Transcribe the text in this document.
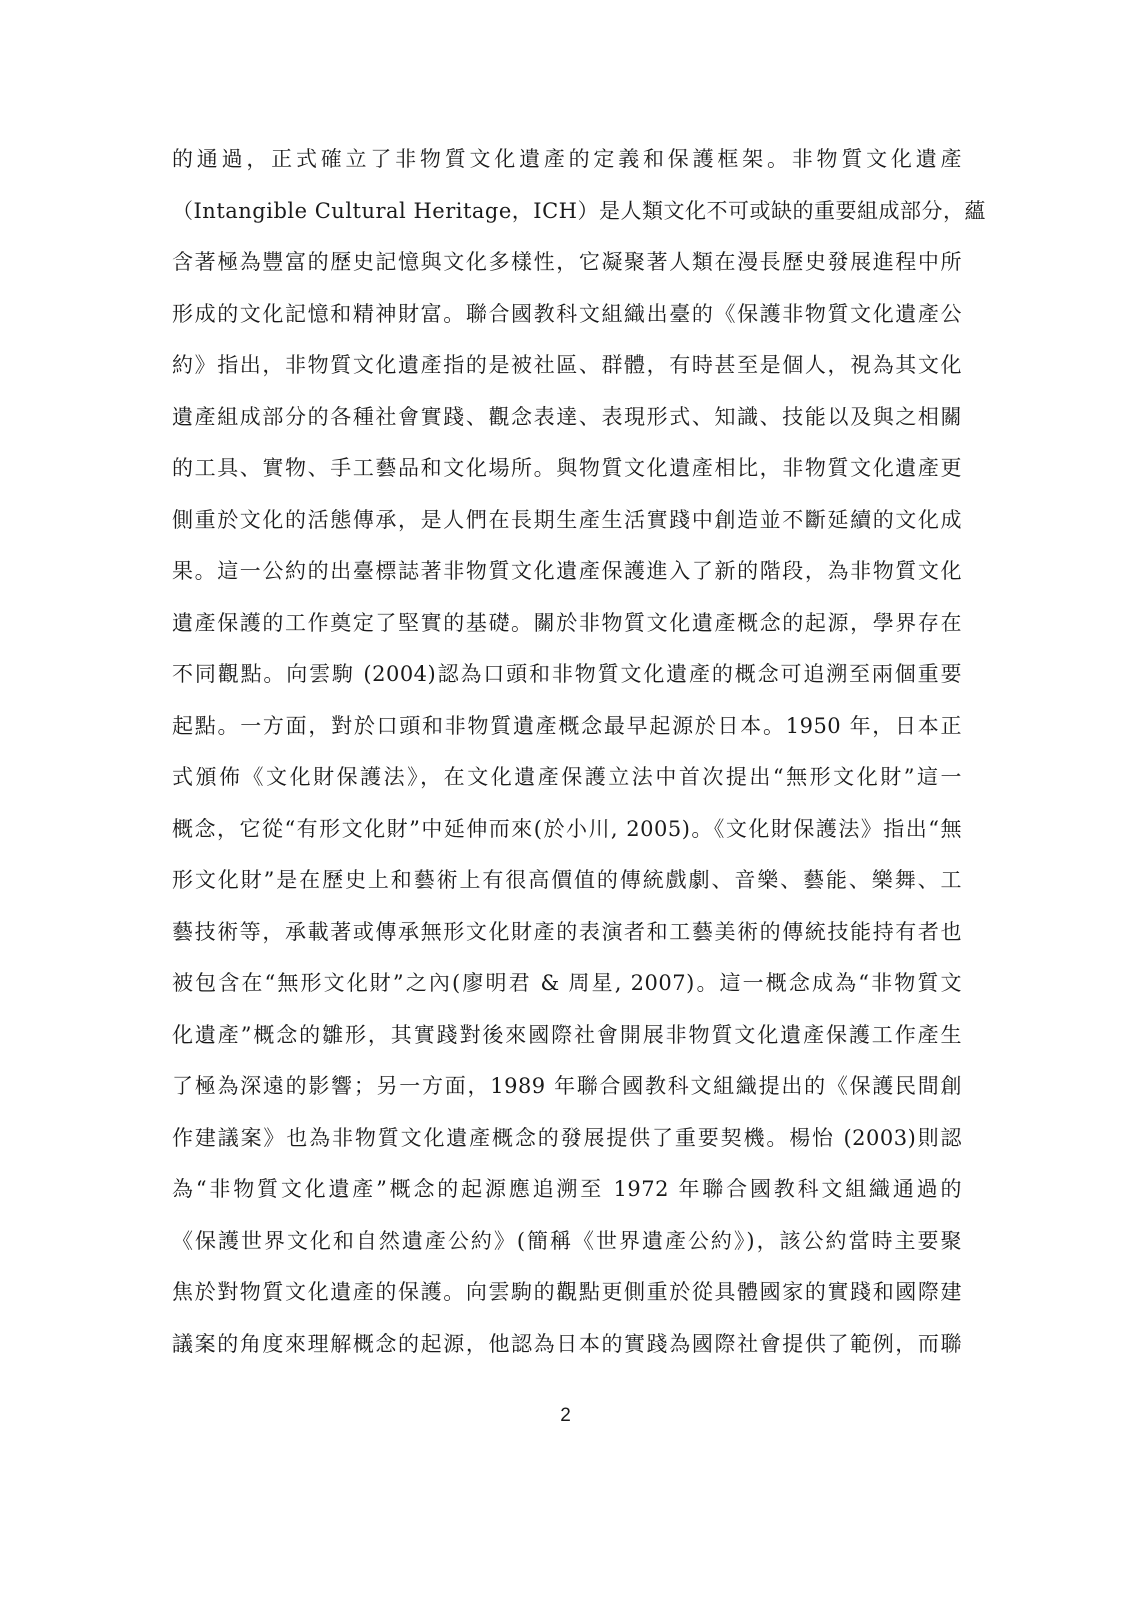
的通過，正式確立了非物質文化遺產的定義和保護框架。非物質文化遺產
（Intangible Cultural Heritage，ICH）是人類文化不可或缺的重要組成部分，蘊
含著極為豐富的歷史記憶與文化多樣性，它凝聚著人類在漫長歷史發展進程中所
形成的文化記憶和精神財富。聯合國教科文組織出臺的《保護非物質文化遺產公
約》指出，非物質文化遺產指的是被社區、群體，有時甚至是個人，視為其文化
遺產組成部分的各種社會實踐、觀念表達、表現形式、知識、技能以及與之相關
的工具、實物、手工藝品和文化場所。與物質文化遺產相比，非物質文化遺產更
側重於文化的活態傳承，是人們在長期生產生活實踐中創造並不斷延續的文化成
果。這一公約的出臺標誌著非物質文化遺產保護進入了新的階段，為非物質文化
遺產保護的工作奠定了堅實的基礎。關於非物質文化遺產概念的起源，學界存在
不同觀點。向雲駒 (2004)認為口頭和非物質文化遺產的概念可追溯至兩個重要
起點。一方面，對於口頭和非物質遺產概念最早起源於日本。1950 年，日本正
式頒佈《文化財保護法》，在文化遺產保護立法中首次提出“無形文化財”這一
概念，它從“有形文化財”中延伸而來(於小川, 2005)。《文化財保護法》指出“無
形文化財”是在歷史上和藝術上有很高價值的傳統戲劇、音樂、藝能、樂舞、工
藝技術等，承載著或傳承無形文化財產的表演者和工藝美術的傳統技能持有者也
被包含在“無形文化財”之內(廖明君 & 周星, 2007)。這一概念成為“非物質文
化遺產”概念的雛形，其實踐對後來國際社會開展非物質文化遺產保護工作產生
了極為深遠的影響；另一方面，1989 年聯合國教科文組織提出的《保護民間創
作建議案》也為非物質文化遺產概念的發展提供了重要契機。楊怡 (2003)則認
為“非物質文化遺產”概念的起源應追溯至 1972 年聯合國教科文組織通過的
《保護世界文化和自然遺產公約》(簡稱《世界遺產公約》)，該公約當時主要聚
焦於對物質文化遺產的保護。向雲駒的觀點更側重於從具體國家的實踐和國際建
議案的角度來理解概念的起源，他認為日本的實踐為國際社會提供了範例，而聯
2
